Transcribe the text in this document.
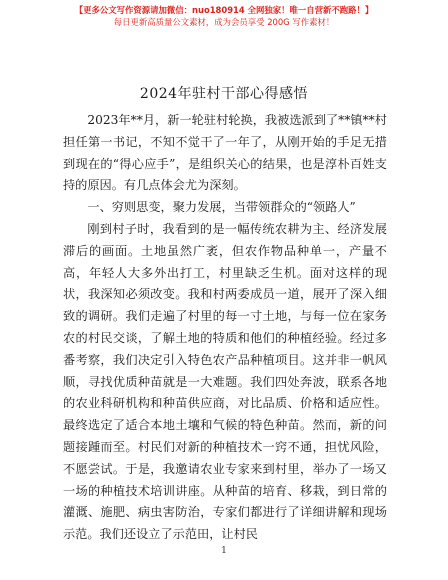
【更多公文写作资源请加微信：nuo180914 全网独家！唯一自营新不跑路！】
每日更新高质量公文素材，成为会员享受 200G 写作素材！
2024年驻村干部心得感悟

2023年**月，新一轮驻村轮换，我被选派到了**镇**村担任第一书记，不知不觉干了一年了，从刚开始的手足无措到现在的“得心应手”，是组织关心的结果，也是淳朴百姓支持的原因。有几点体会尤为深刻。

一、穷则思变，聚力发展，当带领群众的“领路人”

刚到村子时，我看到的是一幅传统农耕为主、经济发展滞后的画面。土地虽然广袤，但农作物品种单一，产量不高，年轻人大多外出打工，村里缺乏生机。面对这样的现状，我深知必须改变。我和村两委成员一道，展开了深入细致的调研。我们走遍了村里的每一寸土地，与每一位在家务农的村民交谈，了解土地的特质和他们的种植经验。经过多番考察，我们决定引入特色农产品种植项目。这并非一帆风顺，寻找优质种苗就是一大难题。我们四处奔波，联系各地的农业科研机构和种苗供应商，对比品质、价格和适应性。最终选定了适合本地土壤和气候的特色种苗。然而，新的问题接踵而至。村民们对新的种植技术一窍不通，担忧风险，不愿尝试。于是，我邀请农业专家来到村里，举办了一场又一场的种植技术培训讲座。从种苗的培育、移栽，到日常的灌溉、施肥、病虫害防治，专家们都进行了详细讲解和现场示范。我们还设立了示范田，让村民

1
